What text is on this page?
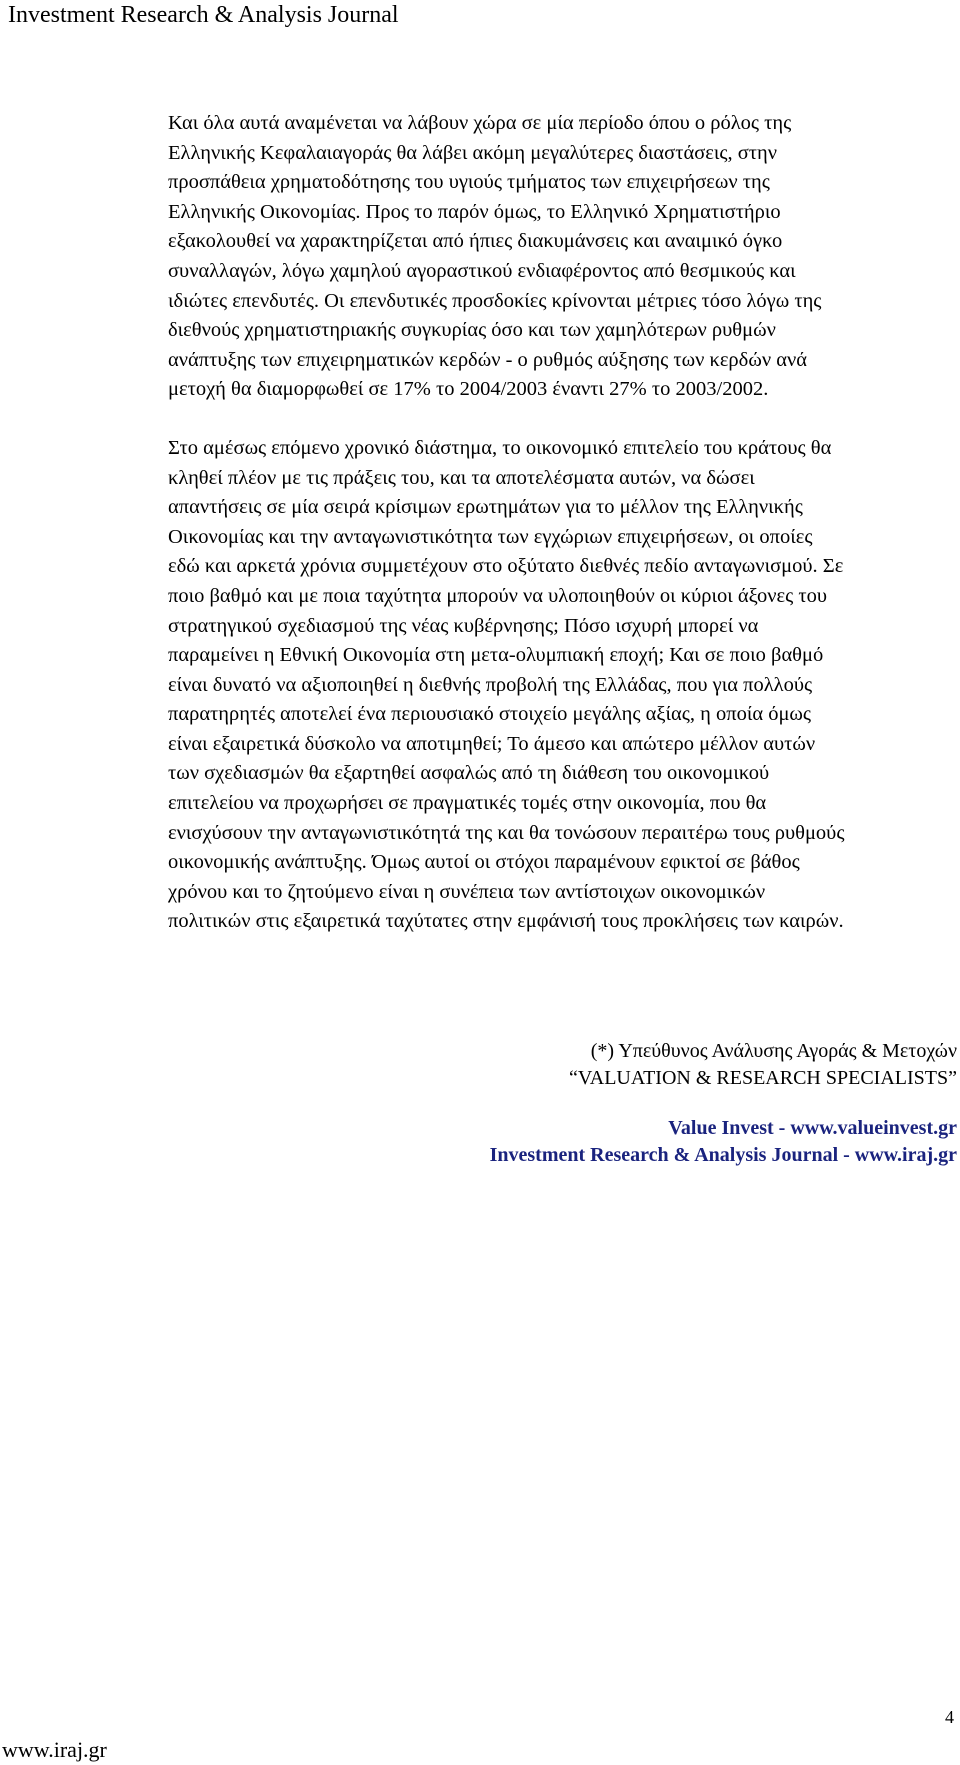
Investment Research & Analysis Journal

Και όλα αυτά αναμένεται να λάβουν χώρα σε μία περίοδο όπου ο ρόλος της
Ελληνικής Κεφαλαιαγοράς θα λάβει ακόμη μεγαλύτερες διαστάσεις, στην
προσπάθεια χρηματοδότησης του υγιούς τμήματος των επιχειρήσεων της
Ελληνικής Οικονομίας. Προς το παρόν όμως, το Ελληνικό Χρηματιστήριο
εξακολουθεί να χαρακτηρίζεται από ήπιες διακυμάνσεις και αναιμικό όγκο
συναλλαγών, λόγω χαμηλού αγοραστικού ενδιαφέροντος από θεσμικούς και
ιδιώτες επενδυτές. Οι επενδυτικές προσδοκίες κρίνονται μέτριες τόσο λόγω της
διεθνούς χρηματιστηριακής συγκυρίας όσο και των χαμηλότερων ρυθμών
ανάπτυξης των επιχειρηματικών κερδών - ο ρυθμός αύξησης των κερδών ανά
μετοχή θα διαμορφωθεί σε 17% το 2004/2003 έναντι 27% το 2003/2002.

Στο αμέσως επόμενο χρονικό διάστημα, το οικονομικό επιτελείο του κράτους θα
κληθεί πλέον με τις πράξεις του, και τα αποτελέσματα αυτών, να δώσει
απαντήσεις σε μία σειρά κρίσιμων ερωτημάτων για το μέλλον της Ελληνικής
Οικονομίας και την ανταγωνιστικότητα των εγχώριων επιχειρήσεων, οι οποίες
εδώ και αρκετά χρόνια συμμετέχουν στο οξύτατο διεθνές πεδίο ανταγωνισμού. Σε
ποιο βαθμό και με ποια ταχύτητα μπορούν να υλοποιηθούν οι κύριοι άξονες του
στρατηγικού σχεδιασμού της νέας κυβέρνησης; Πόσο ισχυρή μπορεί να
παραμείνει η Εθνική Οικονομία στη μετα-ολυμπιακή εποχή; Και σε ποιο βαθμό
είναι δυνατό να αξιοποιηθεί η διεθνής προβολή της Ελλάδας, που για πολλούς
παρατηρητές αποτελεί ένα περιουσιακό στοιχείο μεγάλης αξίας, η οποία όμως
είναι εξαιρετικά δύσκολο να αποτιμηθεί; Το άμεσο και απώτερο μέλλον αυτών
των σχεδιασμών θα εξαρτηθεί ασφαλώς από τη διάθεση του οικονομικού
επιτελείου να προχωρήσει σε πραγματικές τομές στην οικονομία, που θα
ενισχύσουν την ανταγωνιστικότητά της και θα τονώσουν περαιτέρω τους ρυθμούς
οικονομικής ανάπτυξης. Όμως αυτοί οι στόχοι παραμένουν εφικτοί σε βάθος
χρόνου και το ζητούμενο είναι η συνέπεια των αντίστοιχων οικονομικών
πολιτικών στις εξαιρετικά ταχύτατες στην εμφάνισή τους προκλήσεις των καιρών.

(*) Υπεύθυνος Ανάλυσης Αγοράς & Μετοχών
“VALUATION & RESEARCH SPECIALISTS”
Value Invest - www.valueinvest.gr
Investment Research & Analysis Journal - www.iraj.gr
4
www.iraj.gr
